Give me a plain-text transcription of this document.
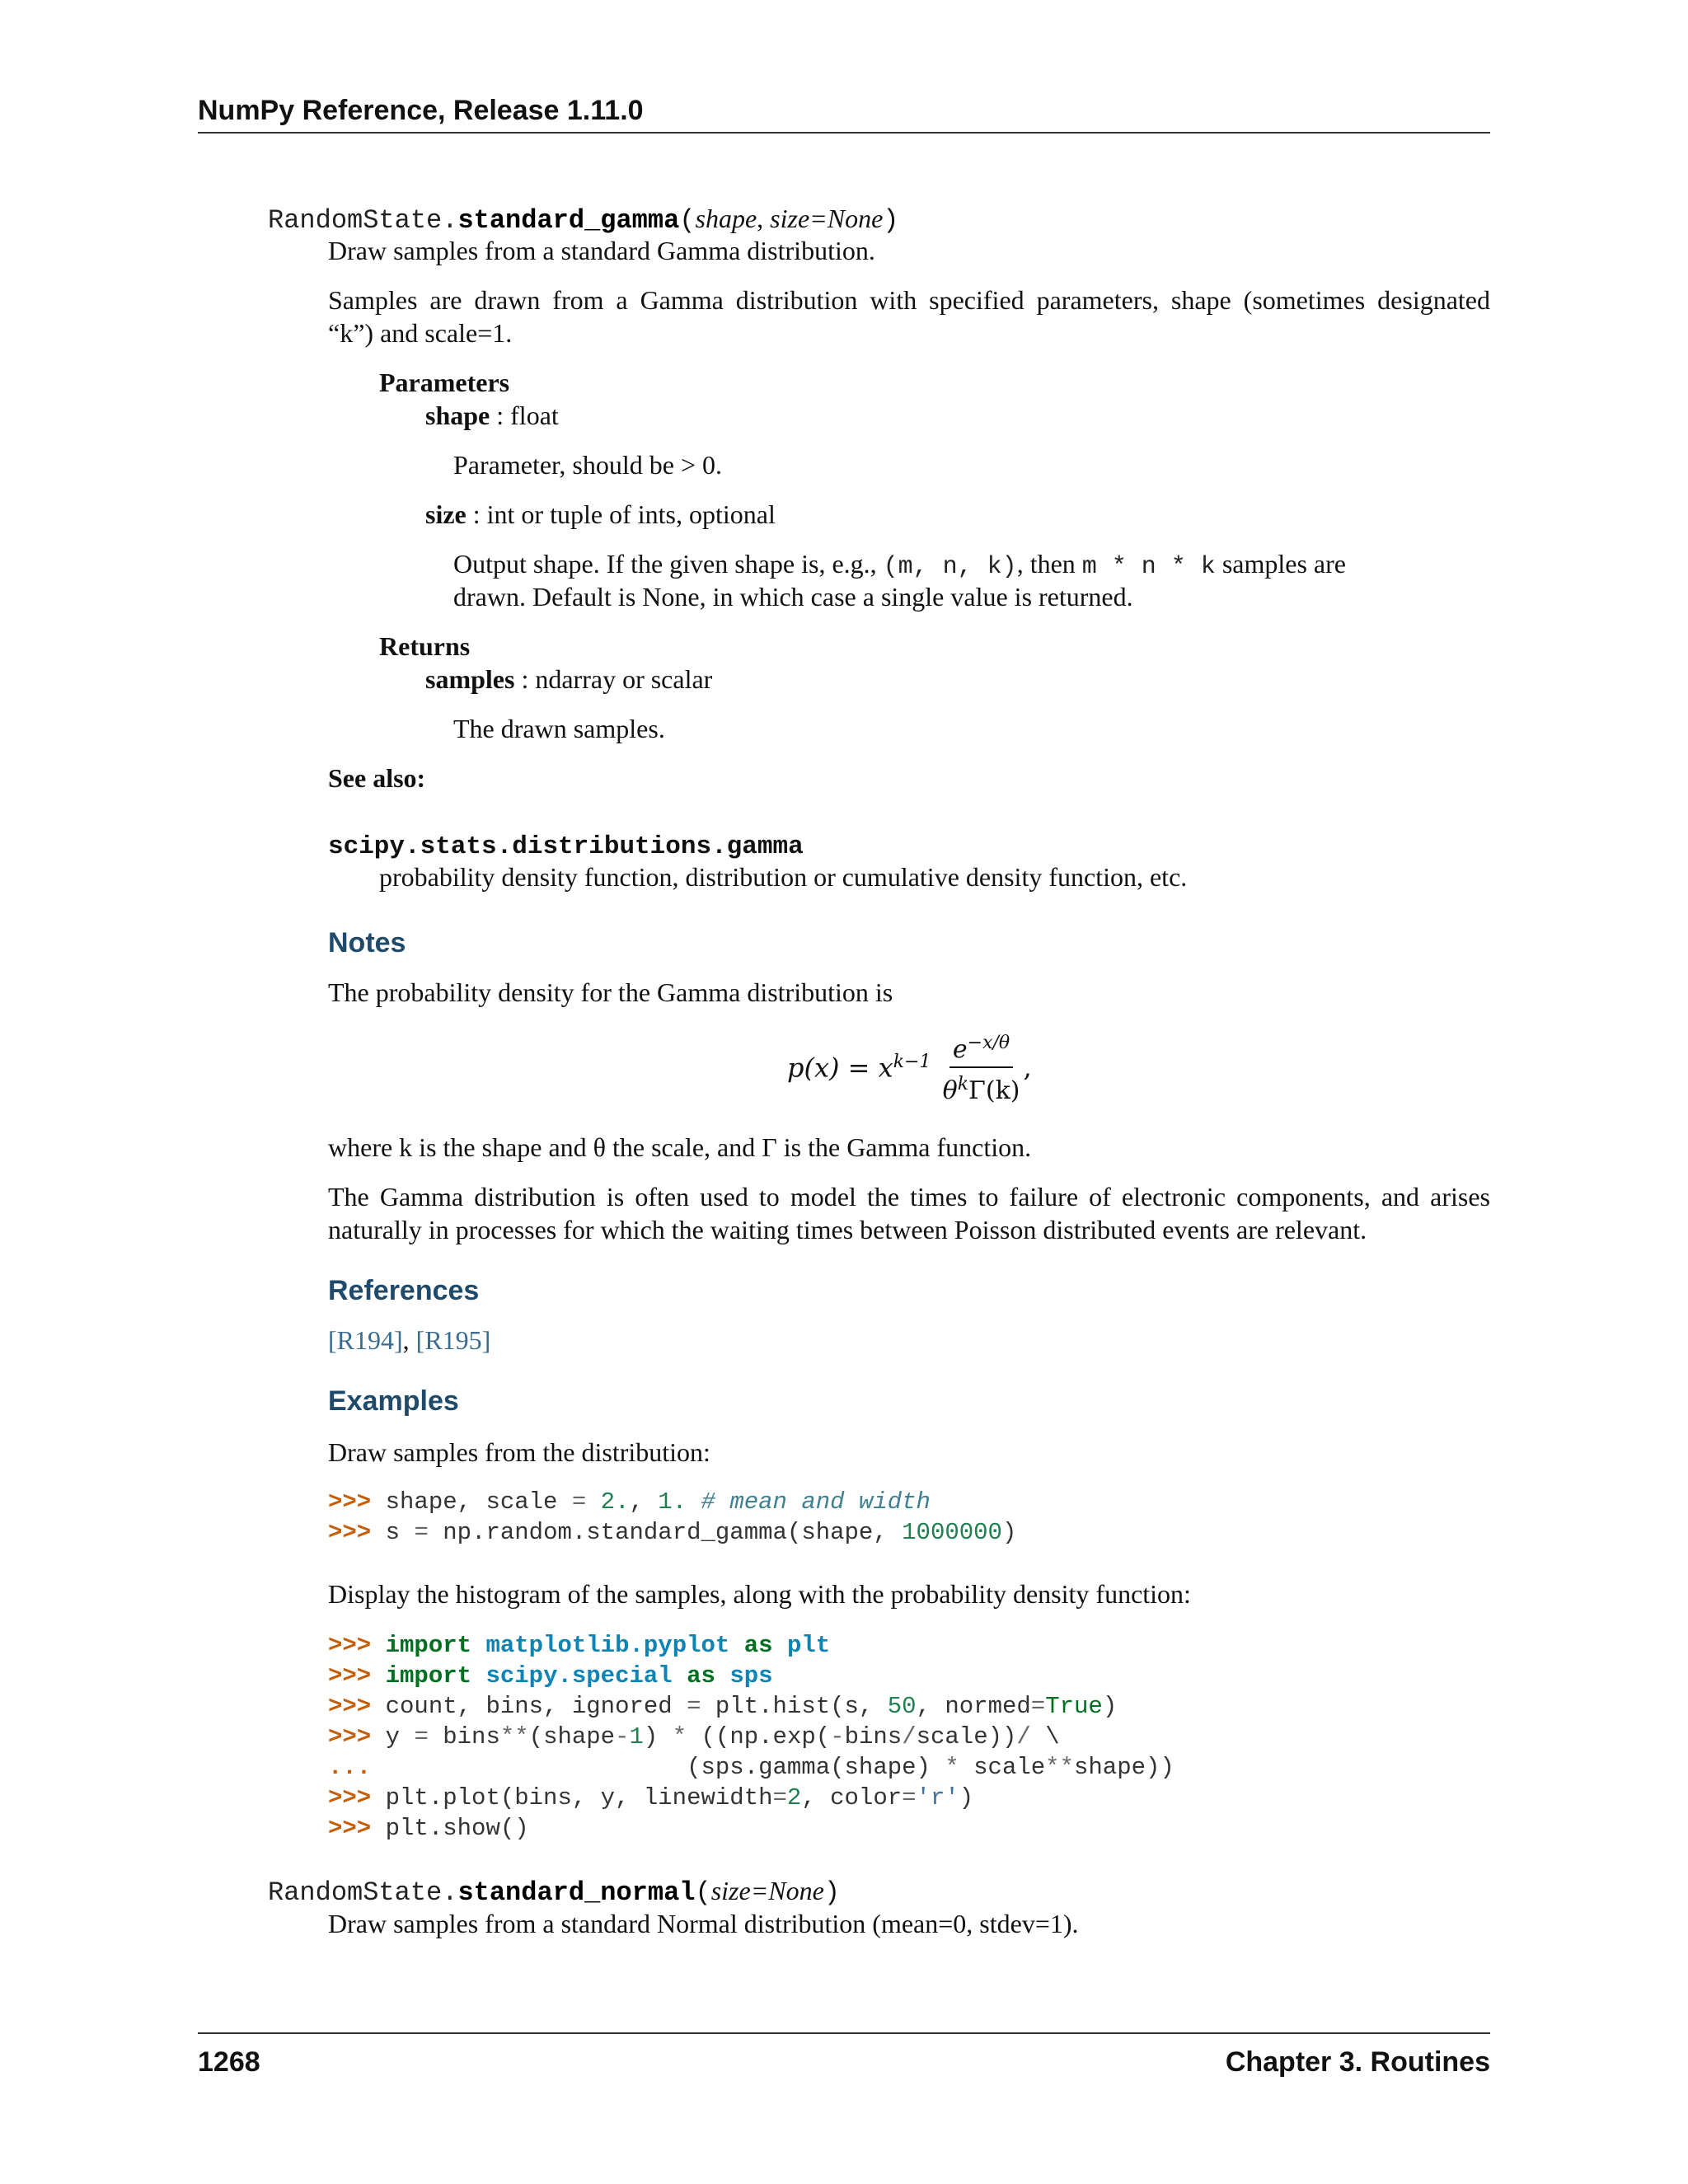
NumPy Reference, Release 1.11.0
RandomState.standard_gamma(shape, size=None)
Draw samples from a standard Gamma distribution.
Samples are drawn from a Gamma distribution with specified parameters, shape (sometimes designated
“k”) and scale=1.
Parameters
shape : float
Parameter, should be > 0.
size : int or tuple of ints, optional
Output shape. If the given shape is, e.g., (m, n, k), then m * n * k samples are
drawn. Default is None, in which case a single value is returned.
Returns
samples : ndarray or scalar
The drawn samples.
See also:
scipy.stats.distributions.gamma
probability density function, distribution or cumulative density function, etc.
Notes
The probability density for the Gamma distribution is
$p(x) = x^{k-1} \frac{e^{-x/\theta}}{\theta^k\Gamma(k)}$ ,
where k is the shape and θ the scale, and Γ is the Gamma function.
The Gamma distribution is often used to model the times to failure of electronic components, and arises
naturally in processes for which the waiting times between Poisson distributed events are relevant.
References
[R194], [R195]
Examples
Draw samples from the distribution:
>>> shape, scale = 2., 1. # mean and width
>>> s = np.random.standard_gamma(shape, 1000000)
Display the histogram of the samples, along with the probability density function:
>>> import matplotlib.pyplot as plt
>>> import scipy.special as sps
>>> count, bins, ignored = plt.hist(s, 50, normed=True)
>>> y = bins**(shape-1) * ((np.exp(-bins/scale))/ \
...                      (sps.gamma(shape) * scale**shape))
>>> plt.plot(bins, y, linewidth=2, color='r')
>>> plt.show()
RandomState.standard_normal(size=None)
Draw samples from a standard Normal distribution (mean=0, stdev=1).
1268	Chapter 3. Routines
